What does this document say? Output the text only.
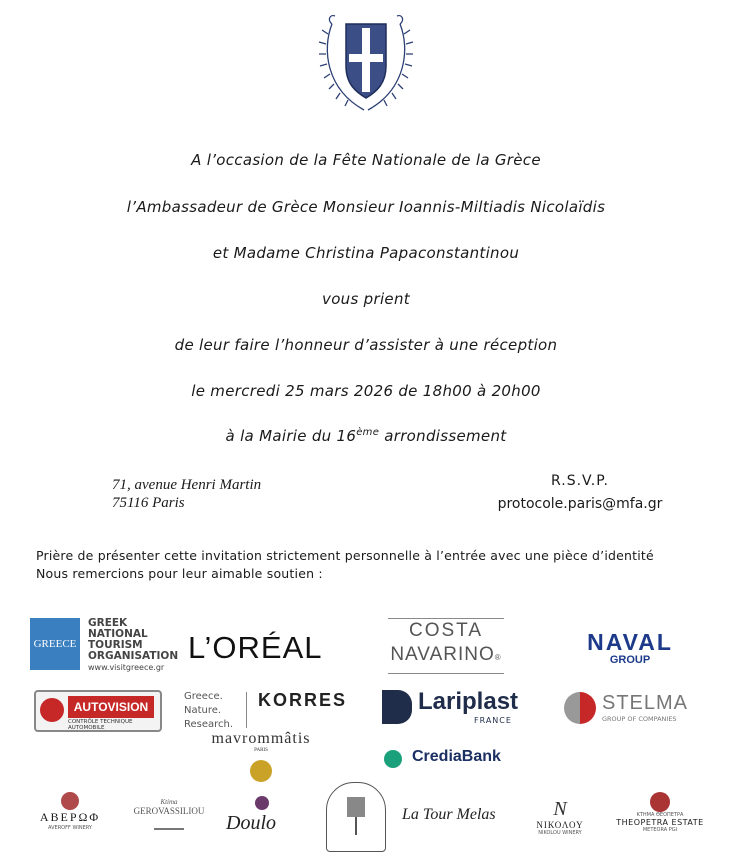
A l’occasion de la Fête Nationale de la Grèce
l’Ambassadeur de Grèce Monsieur Ioannis-Miltiadis Nicolaïdis
et Madame Christina Papaconstantinou
vous prient
de leur faire l’honneur d’assister à une réception
le mercredi 25 mars 2026 de 18h00 à 20h00
à la Mairie du 16ème arrondissement
71, avenue Henri Martin
75116 Paris
R.S.V.P.
protocole.paris@mfa.gr
Prière de présenter cette invitation strictement personnelle à l’entrée avec une pièce d’identité
Nous remercions pour leur aimable soutien :
GREECE
GREEK
NATIONAL
TOURISM
ORGANISATION
www.visitgreece.gr
L’ORÉAL	COSTA
NAVARINO®
NAVAL
GROUP
AUTOVISION
CONTRÔLE TECHNIQUE AUTOMOBILE
Greece.
Nature.
Research.
KORRES	Lariplast
FRANCE
STELMA
GROUP OF COMPANIES
mavrommâtis
PARIS	CrediaBank
ΑΒΕΡΩΦ
AVEROFF WINERY
Ktima
GEROVASSILIOU
Doulo	La Tour Melas	N
ΝΙΚΟΛΟΥ
NIKOLOU WINERY
ΚΤΗΜΑ ΘΕΟΠΕΤΡΑ
THEOPETRA ESTATE
METEORA PGI
